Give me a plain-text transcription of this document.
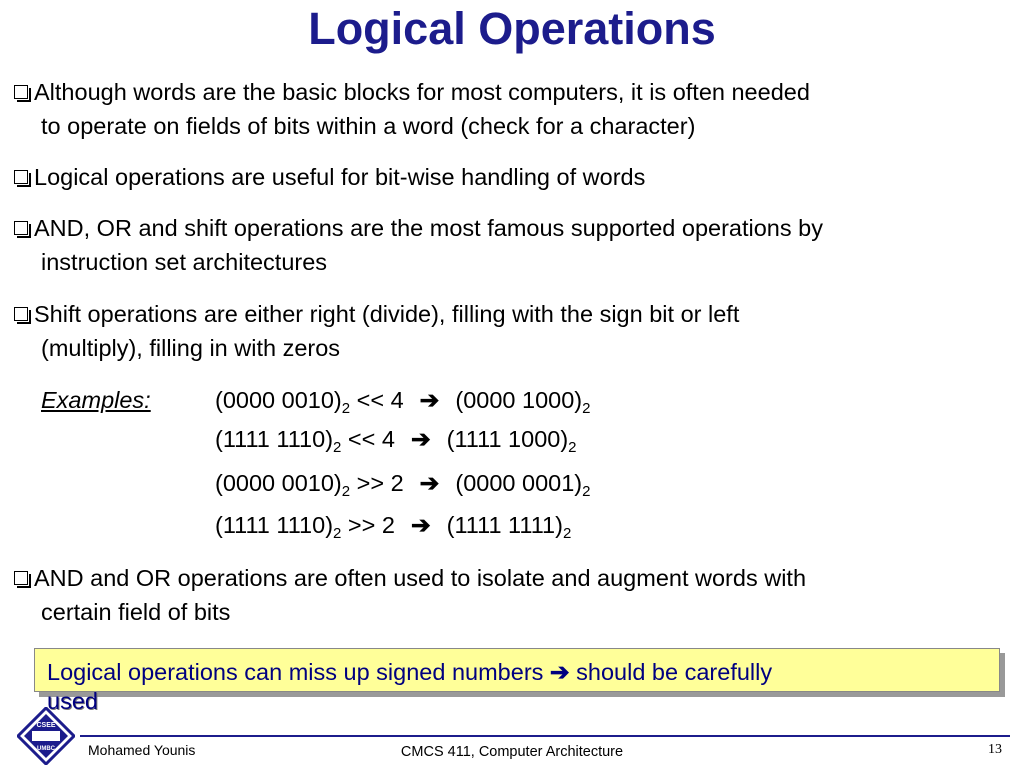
Logical Operations
Although words are the basic blocks for most computers, it is often needed
to operate on fields of bits within a word (check for a character)
Logical operations are useful for bit-wise handling of words
AND, OR and shift operations are the most famous supported operations by
instruction set architectures
Shift operations are either right (divide), filling with the sign bit or left
(multiply), filling in with zeros
Examples:	(0000 $0010)_2 << 4$ ➔ (0000 $1000)_2$
(1111 $1110)_2 << 4$ ➔ (1111 $1000)_2$
(0000 $0010)_2 >> 2$ ➔ (0000 $0001)_2$
(1111 $1110)_2 >> 2$ ➔ (1111 $1111)_2$
AND and OR operations are often used to isolate and augment words with
certain field of bits
Logical operations can miss up signed numbers ➔ should be carefully
used
CSEE
UMBC Mohamed Younis	CMCS 411, Computer Architecture	13
